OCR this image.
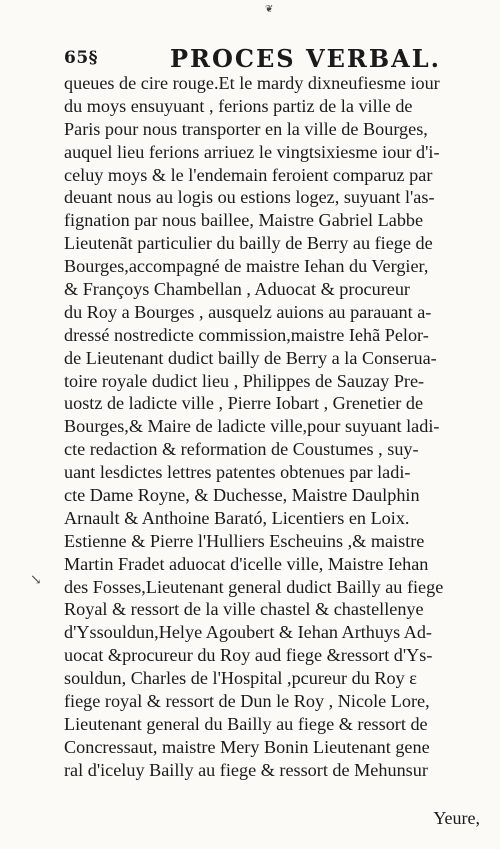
❦
65§	PROCES VERBAL.
↘
queues de cire rouge.Et le mardy dixneufiesme iour
du moys ensuyuant , ferions partiz de la ville de
Paris pour nous transporter en la ville de Bourges,
auquel lieu ferions arriuez le vingtsixiesme iour d'i-
celuy moys & le l'endemain feroient comparuz par
deuant nous au logis ou estions logez, suyuant l'as-
fignation par nous baillee, Maistre Gabriel Labbe
Lieutenãt particulier du bailly de Berry au fiege de
Bourges,accompagné de maistre Iehan du Vergier,
& Françoys Chambellan , Aduocat & procureur
du Roy a Bourges , ausquelz auions au parauant a-
dressé nostredicte commission,maistre Iehã Pelor-
de Lieutenant dudict bailly de Berry a la Conserua-
toire royale dudict lieu , Philippes de Sauzay Pre-
uostz de ladicte ville , Pierre Iobart , Grenetier de
Bourges,& Maire de ladicte ville,pour suyuant ladi-
cte redaction & reformation de Coustumes , suy-
uant lesdictes lettres patentes obtenues par ladi-
cte Dame Royne, & Duchesse, Maistre Daulphin
Arnault & Anthoine Barató, Licentiers en Loix.
Estienne & Pierre l'Hulliers Escheuins ,& maistre
Martin Fradet aduocat d'icelle ville, Maistre Iehan
des Fosses,Lieutenant general dudict Bailly au fiege
Royal & ressort de la ville chastel & chastellenye
d'Yssouldun,Helye Agoubert & Iehan Arthuys Ad-
uocat &procureur du Roy aud fiege &ressort d'Ys-
souldun, Charles de l'Hospital ,pcureur du Roy ɛ
fiege royal & ressort de Dun le Roy , Nicole Lore,
Lieutenant general du Bailly au fiege & ressort de
Concressaut, maistre Mery Bonin Lieutenant gene
ral d'iceluy Bailly au fiege & ressort de Mehunsur
Yeure,
